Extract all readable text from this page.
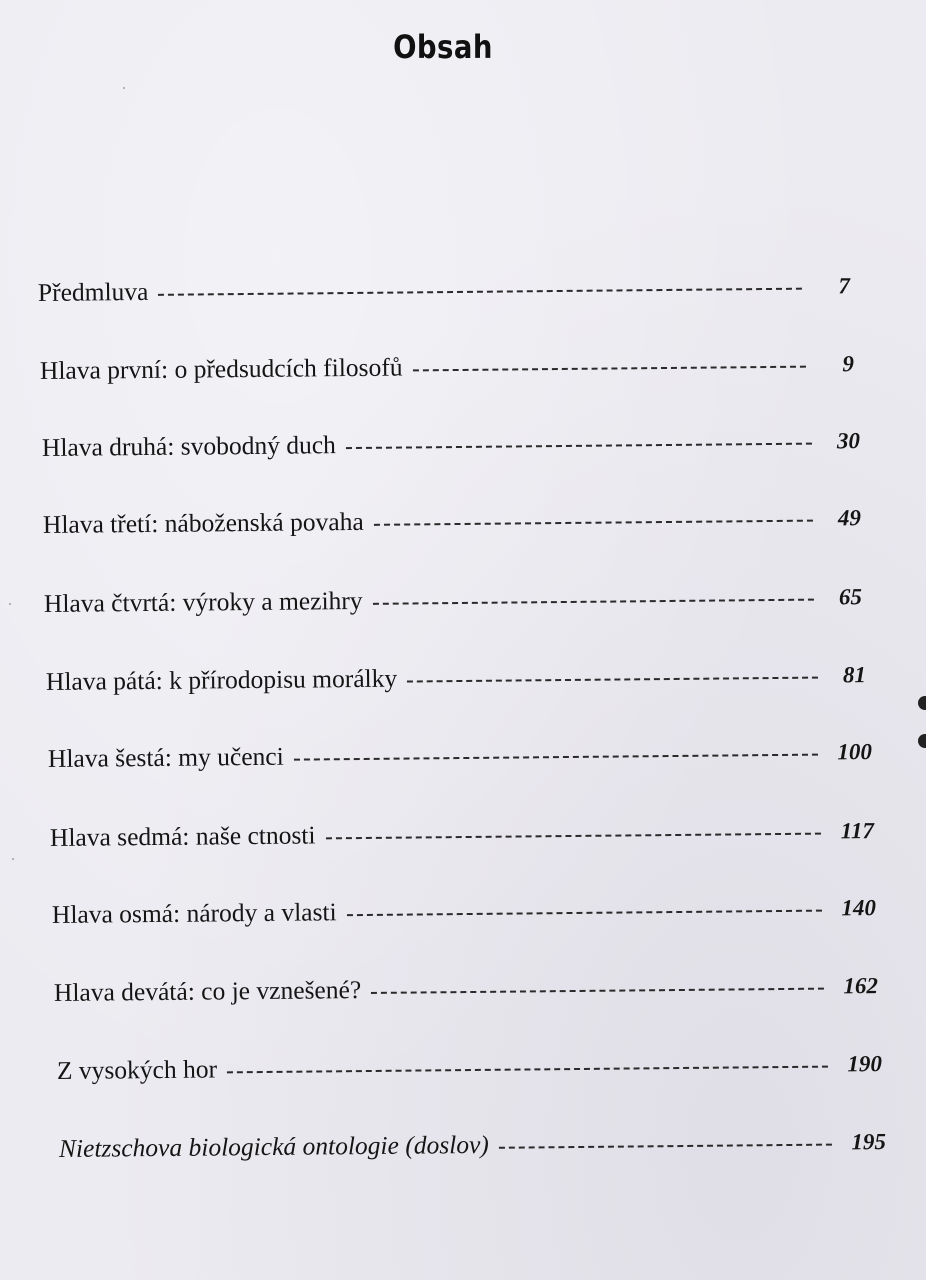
Obsah
Předmluva	7
Hlava první: o předsudcích filosofů	9
Hlava druhá: svobodný duch	30
Hlava třetí: náboženská povaha	49
Hlava čtvrtá: výroky a mezihry	65
Hlava pátá: k přírodopisu morálky	81
Hlava šestá: my učenci	100
Hlava sedmá: naše ctnosti	117
Hlava osmá: národy a vlasti	140
Hlava devátá: co je vznešené?	162
Z vysokých hor	190
Nietzschova biologická ontologie (doslov)	195
